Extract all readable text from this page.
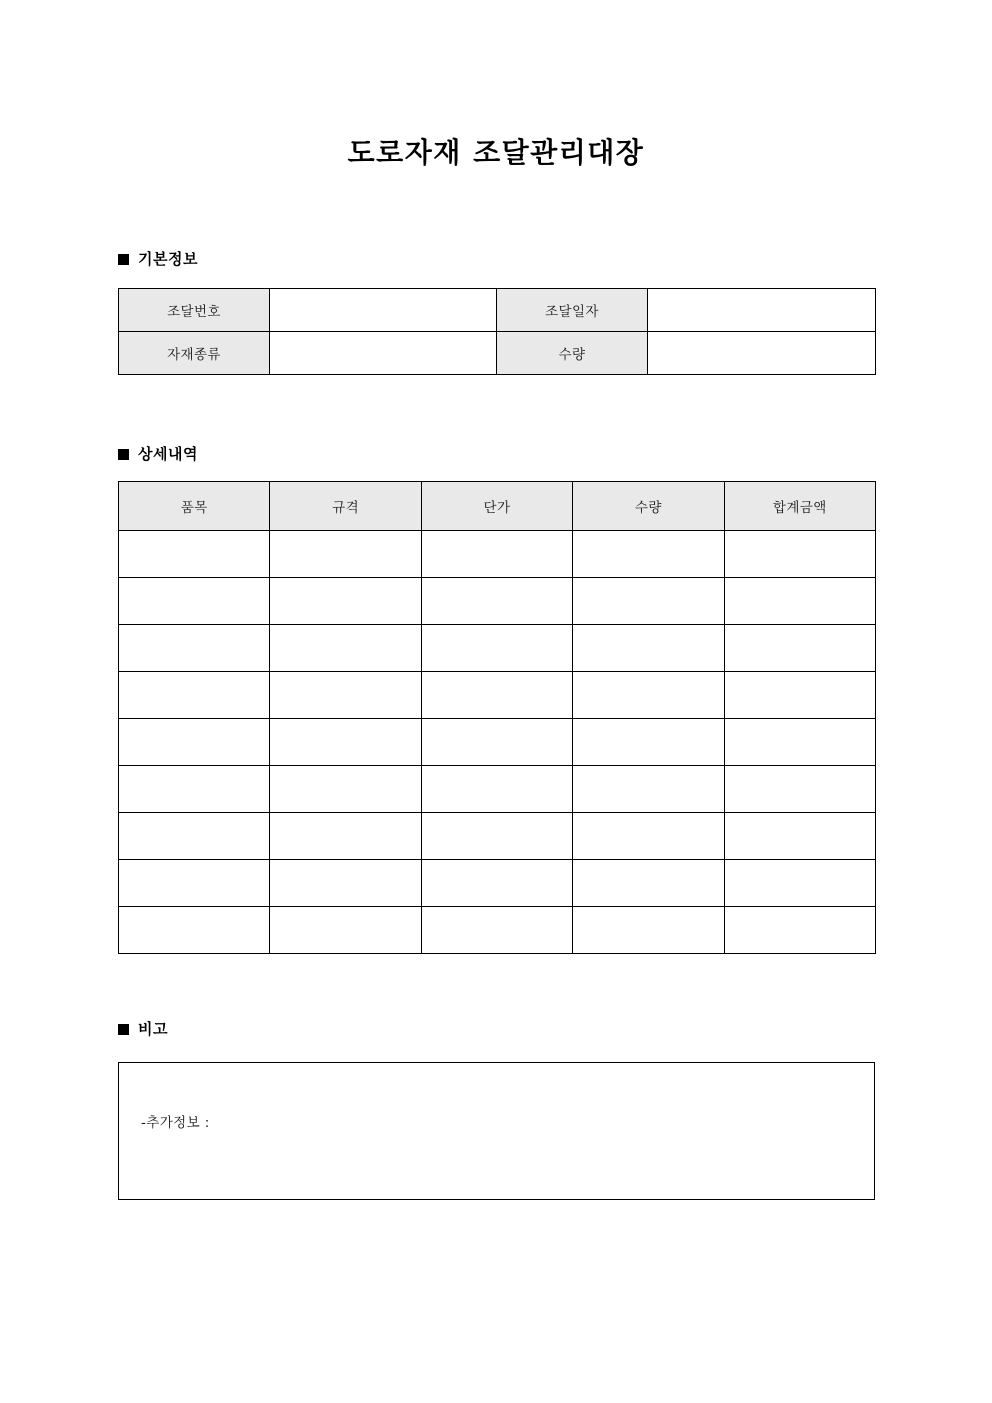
도로자재 조달관리대장
기본정보
조달번호		조달일자	
자재종류		수량	
상세내역
품목	규격	단가	수량	합계금액

비고
-추가정보 :
